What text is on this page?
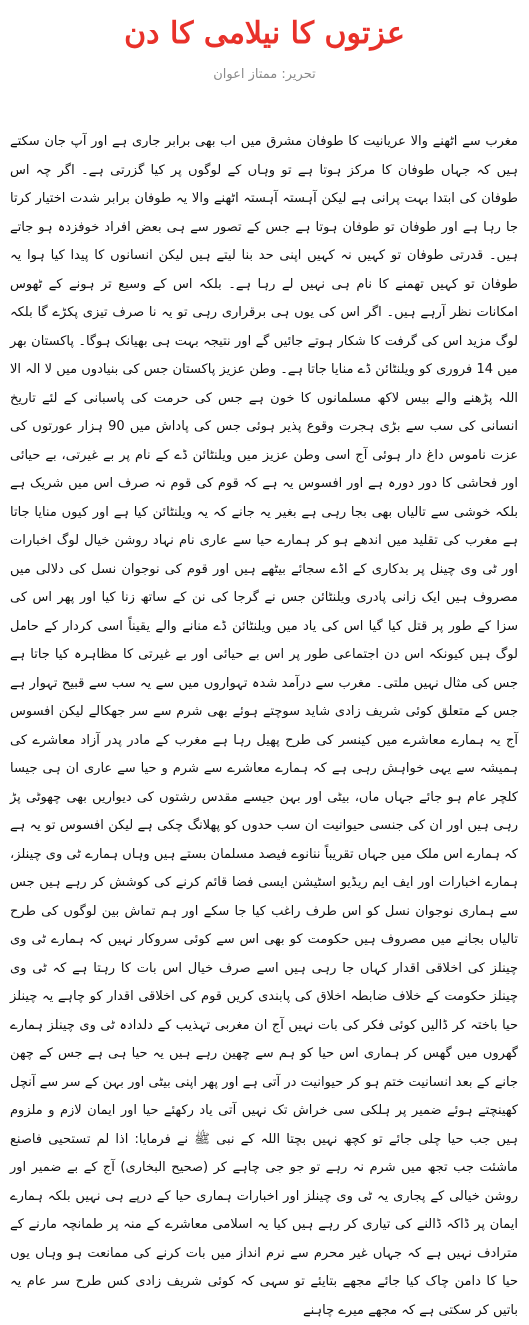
عزتوں کا نیلامی کا دن

تحریر: ممتاز اعوان

مغرب سے اٹھنے والا عریانیت کا طوفان مشرق میں اب بھی برابر جاری ہے اور آپ جان سکتے ہیں کہ جہاں طوفان کا مرکز ہوتا ہے تو وہاں کے لوگوں پر کیا گزرتی ہے۔ اگر چہ اس طوفان کی ابتدا بہت پرانی ہے لیکن آہستہ آہستہ اٹھنے والا یہ طوفان برابر شدت اختیار کرتا جا رہا ہے اور طوفان تو طوفان ہوتا ہے جس کے تصور سے ہی بعض افراد خوفزدہ ہو جاتے ہیں۔ قدرتی طوفان تو کہیں نہ کہیں اپنی حد بنا لیتے ہیں لیکن انسانوں کا پیدا کیا ہوا یہ طوفان تو کہیں تھمنے کا نام ہی نہیں لے رہا ہے۔ بلکہ اس کے وسیع تر ہونے کے ٹھوس امکانات نظر آرہے ہیں۔ اگر اس کی یوں ہی برقراری رہی تو یہ نا صرف تیزی پکڑے گا بلکہ لوگ مزید اس کی گرفت کا شکار ہوتے جائیں گے اور نتیجہ بہت ہی بھیانک ہوگا۔ پاکستان بھر میں 14 فروری کو ویلنٹائن ڈے منایا جاتا ہے۔ وطن عزیز پاکستان جس کی بنیادوں میں لا الہ الا اللہ پڑھنے والے بیس لاکھ مسلمانوں کا خون ہے جس کی حرمت کی پاسبانی کے لئے تاریخ انسانی کی سب سے بڑی ہجرت وقوع پذیر ہوئی جس کی پاداش میں 90 ہزار عورتوں کی عزت ناموس داغ دار ہوئی آج اسی وطن عزیز میں ویلنٹائن ڈے کے نام پر بے غیرتی، بے حیائی اور فحاشی کا دور دورہ ہے اور افسوس یہ ہے کہ قوم کی قوم نہ صرف اس میں شریک ہے بلکہ خوشی سے تالیاں بھی بجا رہی ہے بغیر یہ جانے کہ یہ ویلنٹائن کیا ہے اور کیوں منایا جاتا ہے مغرب کی تقلید میں اندھے ہو کر ہمارے حیا سے عاری نام نہاد روشن خیال لوگ اخبارات اور ٹی وی چینل پر بدکاری کے اڈے سجائے بیٹھے ہیں اور قوم کی نوجوان نسل کی دلالی میں مصروف ہیں ایک زانی پادری ویلنٹائن جس نے گرجا کی نن کے ساتھ زنا کیا اور پھر اس کی سزا کے طور پر قتل کیا گیا اس کی یاد میں ویلنٹائن ڈے منانے والے یقیناً اسی کردار کے حامل لوگ ہیں کیونکہ اس دن اجتماعی طور پر اس بے حیائی اور بے غیرتی کا مظاہرہ کیا جاتا ہے جس کی مثال نہیں ملتی۔ مغرب سے درآمد شدہ تہواروں میں سے یہ سب سے قبیح تہوار ہے جس کے متعلق کوئی شریف زادی شاید سوچتے ہوئے بھی شرم سے سر جھکالے لیکن افسوس آج یہ ہمارے معاشرے میں کینسر کی طرح پھیل رہا ہے مغرب کے مادر پدر آزاد معاشرے کی ہمیشہ سے یہی خواہش رہی ہے کہ ہمارے معاشرے سے شرم و حیا سے عاری ان ہی جیسا کلچر عام ہو جائے جہاں ماں، بیٹی اور بہن جیسے مقدس رشتوں کی دیواریں بھی چھوٹی پڑ رہی ہیں اور ان کی جنسی حیوانیت ان سب حدوں کو پھلانگ چکی ہے لیکن افسوس تو یہ ہے کہ ہمارے اس ملک میں جہاں تقریباً ننانوے فیصد مسلمان بستے ہیں وہاں ہمارے ٹی وی چینلز، ہمارے اخبارات اور ایف ایم ریڈیو اسٹیشن ایسی فضا قائم کرنے کی کوشش کر رہے ہیں جس سے ہماری نوجوان نسل کو اس طرف راغب کیا جا سکے اور ہم تماش بین لوگوں کی طرح تالیاں بجانے میں مصروف ہیں حکومت کو بھی اس سے کوئی سروکار نہیں کہ ہمارے ٹی وی چینلز کی اخلاقی اقدار کہاں جا رہی ہیں اسے صرف خیال اس بات کا رہتا ہے کہ ٹی وی چینلز حکومت کے خلاف ضابطہ اخلاق کی پابندی کریں قوم کی اخلاقی اقدار کو چاہے یہ چینلز حیا باختہ کر ڈالیں کوئی فکر کی بات نہیں آج ان مغربی تہذیب کے دلدادہ ٹی وی چینلز ہمارے گھروں میں گھس کر ہماری اس حیا کو ہم سے چھین رہے ہیں یہ حیا ہی ہے جس کے چھن جانے کے بعد انسانیت ختم ہو کر حیوانیت در آتی ہے اور پھر اپنی بیٹی اور بہن کے سر سے آنچل کھینچتے ہوئے ضمیر پر ہلکی سی خراش تک نہیں آتی یاد رکھئے حیا اور ایمان لازم و ملزوم ہیں جب حیا چلی جائے تو کچھ نہیں بچتا اللہ کے نبی ﷺ نے فرمایا: اذا لم تستحیی فاصنع ماشئت جب تجھ میں شرم نہ رہے تو جو جی چاہے کر (صحیح البخاری) آج کے بے ضمیر اور روشن خیالی کے پجاری یہ ٹی وی چینلز اور اخبارات ہماری حیا کے درپے ہی نہیں بلکہ ہمارے ایمان پر ڈاکہ ڈالنے کی تیاری کر رہے ہیں کیا یہ اسلامی معاشرے کے منہ پر طمانچہ مارنے کے مترادف نہیں ہے کہ جہاں غیر محرم سے نرم انداز میں بات کرنے کی ممانعت ہو وہاں یوں حیا کا دامن چاک کیا جائے مجھے بتایئے تو سہی کہ کوئی شریف زادی کس طرح سر عام یہ باتیں کر سکتی ہے کہ مجھے میرے چاہنے
